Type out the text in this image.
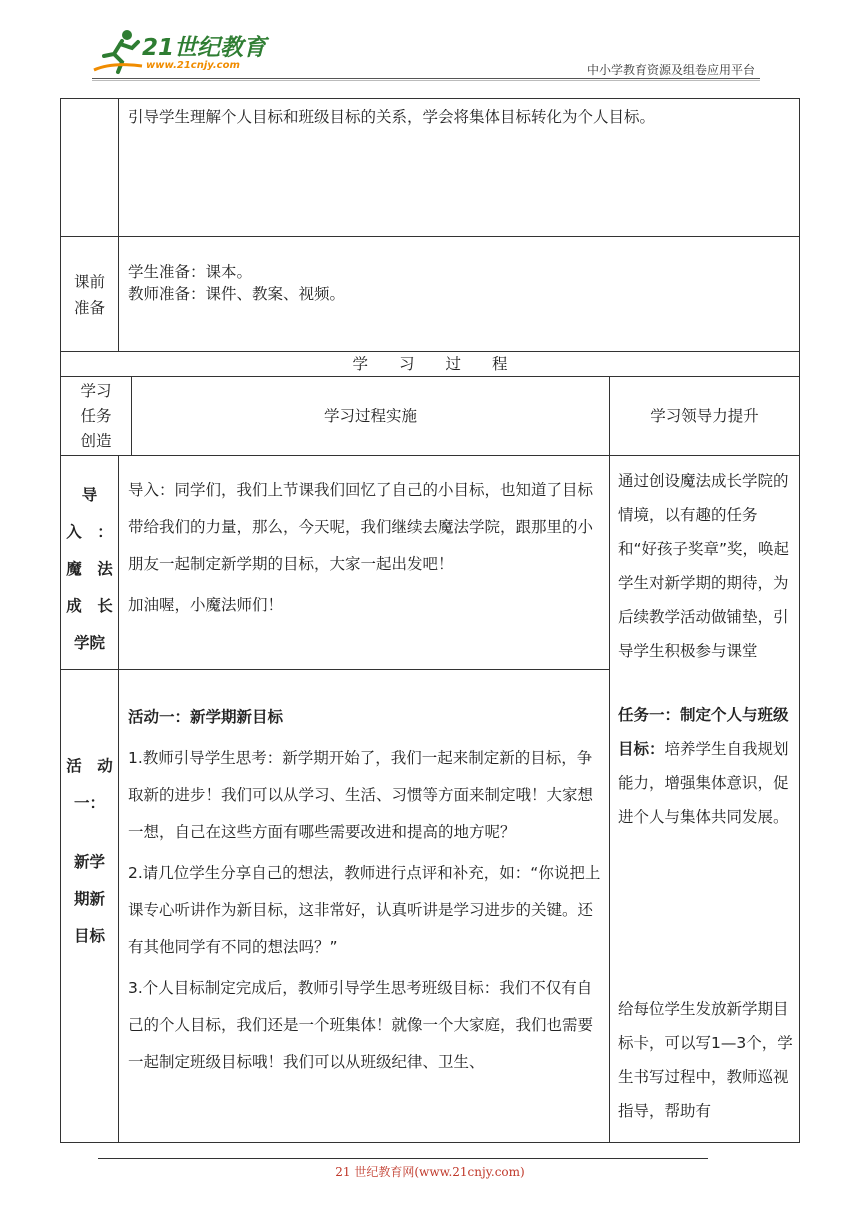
21世纪教育
www.21cnjy.com	中小学教育资源及组卷应用平台
引导学生理解个人目标和班级目标的关系，学会将集体目标转化为个人目标。
课前
准备

学生准备：课本。

教师准备：课件、教案、视频。

学　　习　　过　　程
学习
任务
创造
学习过程实施	学习领导力提升
导
入　：
魔　法
成　长
学院

导入：同学们，我们上节课我们回忆了自己的小目标，也知道了目标带给我们的力量，那么，今天呢，我们继续去魔法学院，跟那里的小朋友一起制定新学期的目标，大家一起出发吧！

加油喔，小魔法师们！

活　动
一：
新学
期新
目标

活动一：新学期新目标

1.教师引导学生思考：新学期开始了，我们一起来制定新的目标，争取新的进步！我们可以从学习、生活、习惯等方面来制定哦！大家想一想，自己在这些方面有哪些需要改进和提高的地方呢？

2.请几位学生分享自己的想法，教师进行点评和补充，如：“你说把上课专心听讲作为新目标，这非常好，认真听讲是学习进步的关键。还有其他同学有不同的想法吗？”

3.个人目标制定完成后，教师引导学生思考班级目标：我们不仅有自己的个人目标，我们还是一个班集体！就像一个大家庭，我们也需要一起制定班级目标哦！我们可以从班级纪律、卫生、

通过创设魔法成长学院的情境，以有趣的任务和“好孩子奖章”奖，唤起学生对新学期的期待，为后续教学活动做铺垫，引导学生积极参与课堂
任务一：制定个人与班级目标：培养学生自我规划能力，增强集体意识，促进个人与集体共同发展。
给每位学生发放新学期目标卡，可以写1—3个，学生书写过程中，教师巡视指导，帮助有
21 世纪教育网(www.21cnjy.com)
